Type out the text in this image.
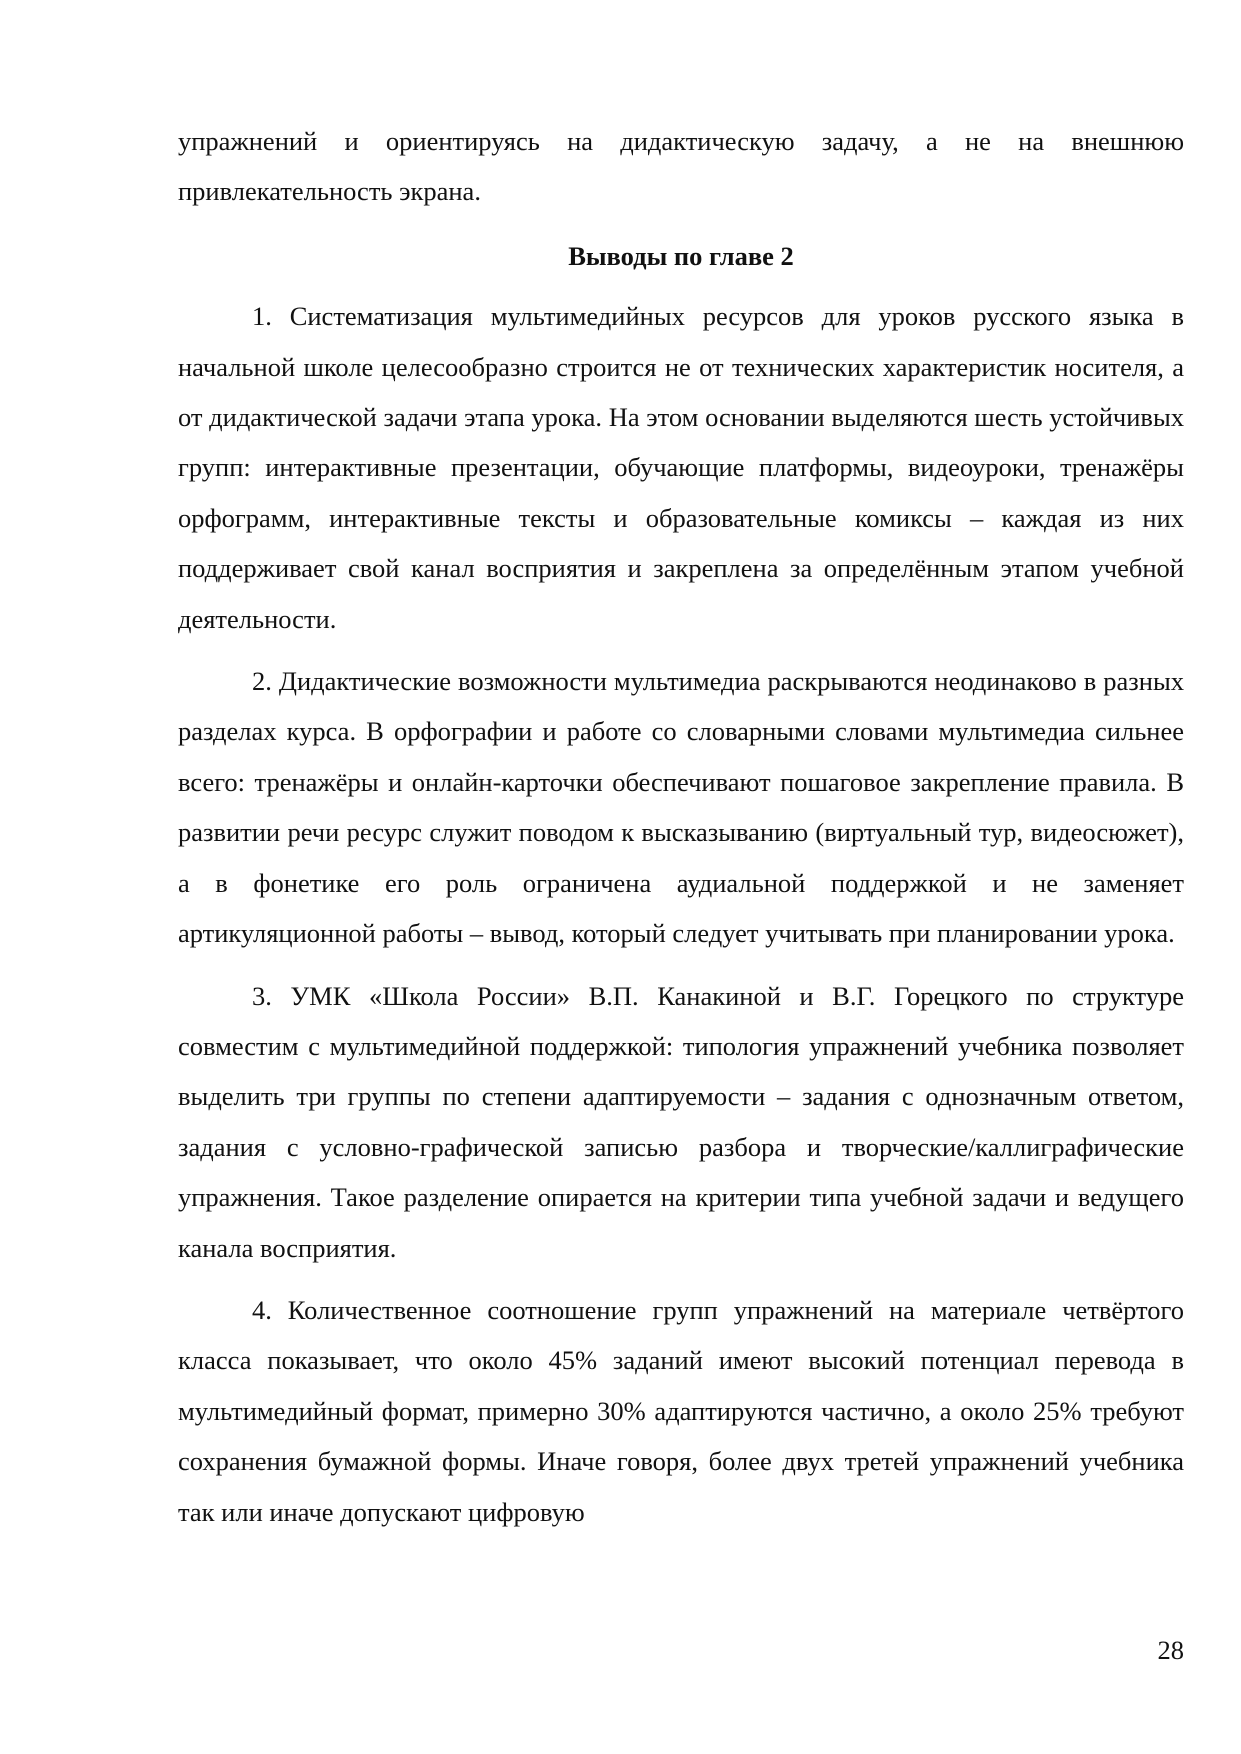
упражнений и ориентируясь на дидактическую задачу, а не на внешнюю привлекательность экрана.

Выводы по главе 2

1. Систематизация мультимедийных ресурсов для уроков русского языка в начальной школе целесообразно строится не от технических характеристик носителя, а от дидактической задачи этапа урока. На этом основании выделяются шесть устойчивых групп: интерактивные презентации, обучающие платформы, видеоуроки, тренажёры орфограмм, интерактивные тексты и образовательные комиксы – каждая из них поддерживает свой канал восприятия и закреплена за определённым этапом учебной деятельности.

2. Дидактические возможности мультимедиа раскрываются неодинаково в разных разделах курса. В орфографии и работе со словарными словами мультимедиа сильнее всего: тренажёры и онлайн-карточки обеспечивают пошаговое закрепление правила. В развитии речи ресурс служит поводом к высказыванию (виртуальный тур, видеосюжет), а в фонетике его роль ограничена аудиальной поддержкой и не заменяет артикуляционной работы – вывод, который следует учитывать при планировании урока.

3. УМК «Школа России» В.П. Канакиной и В.Г. Горецкого по структуре совместим с мультимедийной поддержкой: типология упражнений учебника позволяет выделить три группы по степени адаптируемости – задания с однозначным ответом, задания с условно-графической записью разбора и творческие/каллиграфические упражнения. Такое разделение опирается на критерии типа учебной задачи и ведущего канала восприятия.

4. Количественное соотношение групп упражнений на материале четвёртого класса показывает, что около 45% заданий имеют высокий потенциал перевода в мультимедийный формат, примерно 30% адаптируются частично, а около 25% требуют сохранения бумажной формы. Иначе говоря, более двух третей упражнений учебника так или иначе допускают цифровую

28
